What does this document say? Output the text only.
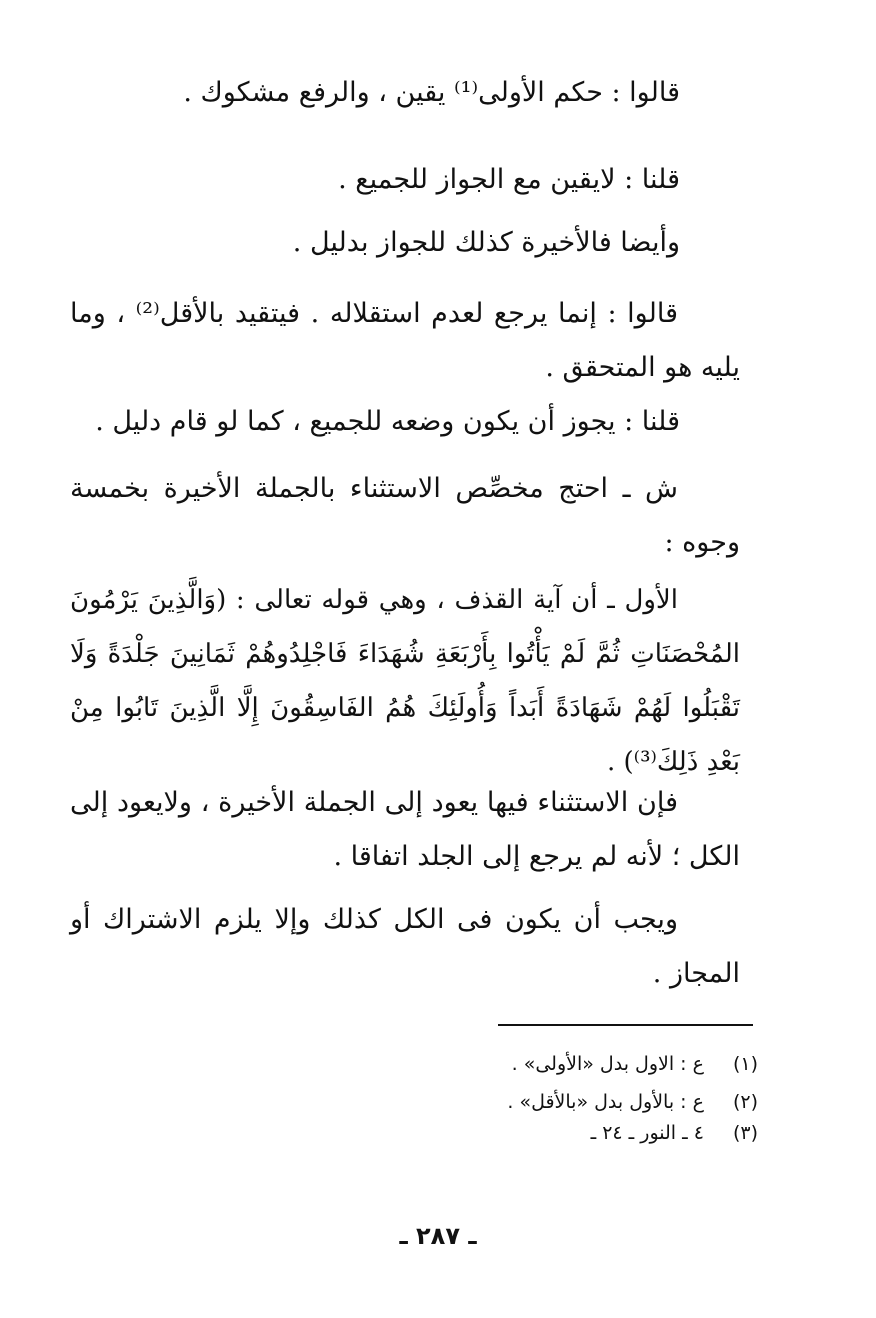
قالوا : حكم الأولى⁽¹⁾ يقين ، والرفع مشكوك .

قلنا : لايقين مع الجواز للجميع .

وأيضا فالأخيرة كذلك للجواز بدليل .

قالوا : إنما يرجع لعدم استقلاله . فيتقيد بالأقل⁽²⁾ ، وما يليه هو المتحقق .

قلنا : يجوز أن يكون وضعه للجميع ، كما لو قام دليل .

ش ـ احتج مخصِّص الاستثناء بالجملة الأخيرة بخمسة وجوه :

الأول ـ أن آية القذف ، وهي قوله تعالى : (وَالَّذِينَ يَرْمُونَ المُحْصَنَاتِ ثُمَّ لَمْ يَأْتُوا بِأَرْبَعَةِ شُهَدَاءَ فَاجْلِدُوهُمْ ثَمَانِينَ جَلْدَةً وَلَا تَقْبَلُوا لَهُمْ شَهَادَةً أَبَداً وَأُولَئِكَ هُمُ الفَاسِقُونَ إِلَّا الَّذِينَ تَابُوا مِنْ بَعْدِ ذَلِكَ⁽³⁾) .

فإن الاستثناء فيها يعود إلى الجملة الأخيرة ، ولايعود إلى الكل ؛ لأنه لم يرجع إلى الجلد اتفاقا .

ويجب أن يكون فى الكل كذلك وإلا يلزم الاشتراك أو المجاز .

(١) ع : الاول بدل «الأولى» .
(٢) ع : بالأول بدل «بالأقل» .
(٣) ٤ ـ النور ـ ٢٤ ـ
ـ ٢٨٧ ـ
